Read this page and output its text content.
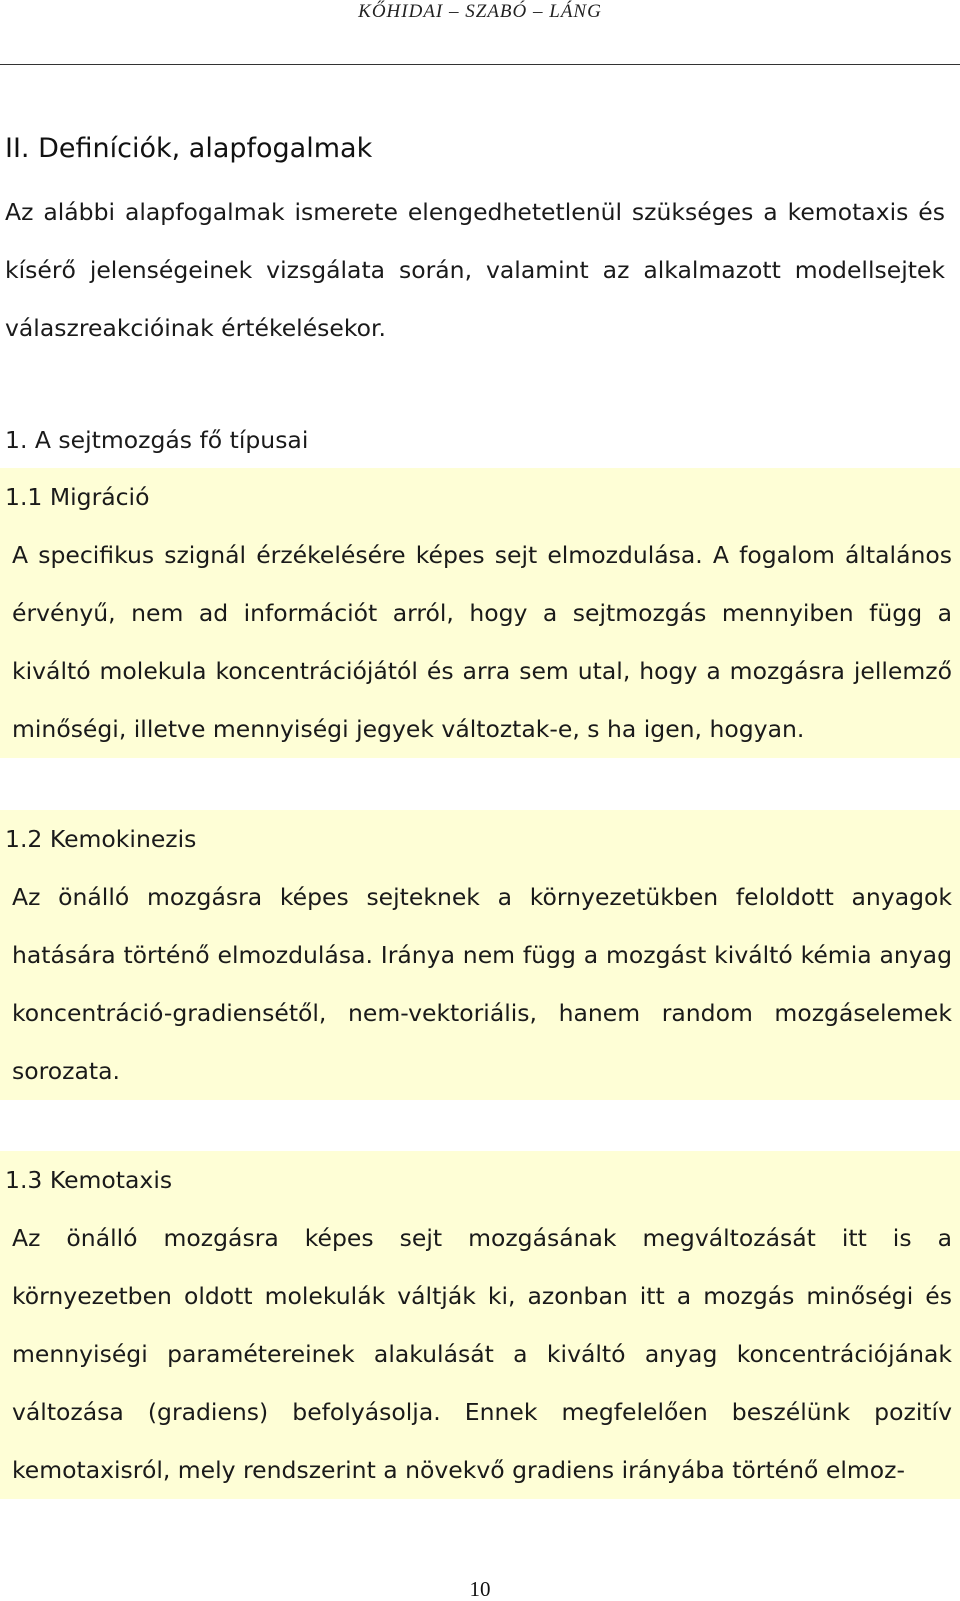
KŐHIDAI – SZABÓ – LÁNG
II. Definíciók, alapfogalmak
Az alábbi alapfogalmak ismerete elengedhetetlenül szükséges a kemotaxis és kísérő jelenségeinek vizsgálata során, valamint az alkalmazott modellsejtek válaszreakcióinak értékelésekor.
1. A sejtmozgás fő típusai
1.1 Migráció
A specifikus szignál érzékelésére képes sejt elmozdulása. A fogalom általános érvényű, nem ad információt arról, hogy a sejtmozgás mennyiben függ a kiváltó molekula koncentrációjától és arra sem utal, hogy a mozgásra jellemző minőségi, illetve mennyiségi jegyek változtak-e, s ha igen, hogyan.
1.2 Kemokinezis
Az önálló mozgásra képes sejteknek a környezetükben feloldott anyagok hatására történő elmozdulása. Iránya nem függ a mozgást kiváltó kémia anyag koncentráció-gradiensétől, nem-vektoriális, hanem random mozgáselemek sorozata.
1.3 Kemotaxis
Az önálló mozgásra képes sejt mozgásának megváltozását itt is a környezetben oldott molekulák váltják ki, azonban itt a mozgás minőségi és mennyiségi paramétereinek alakulását a kiváltó anyag koncentrációjának változása (gradiens) befolyásolja. Ennek megfelelően beszélünk pozitív kemotaxisról, mely rendszerint a növekvő gradiens irányába történő elmoz-
10
